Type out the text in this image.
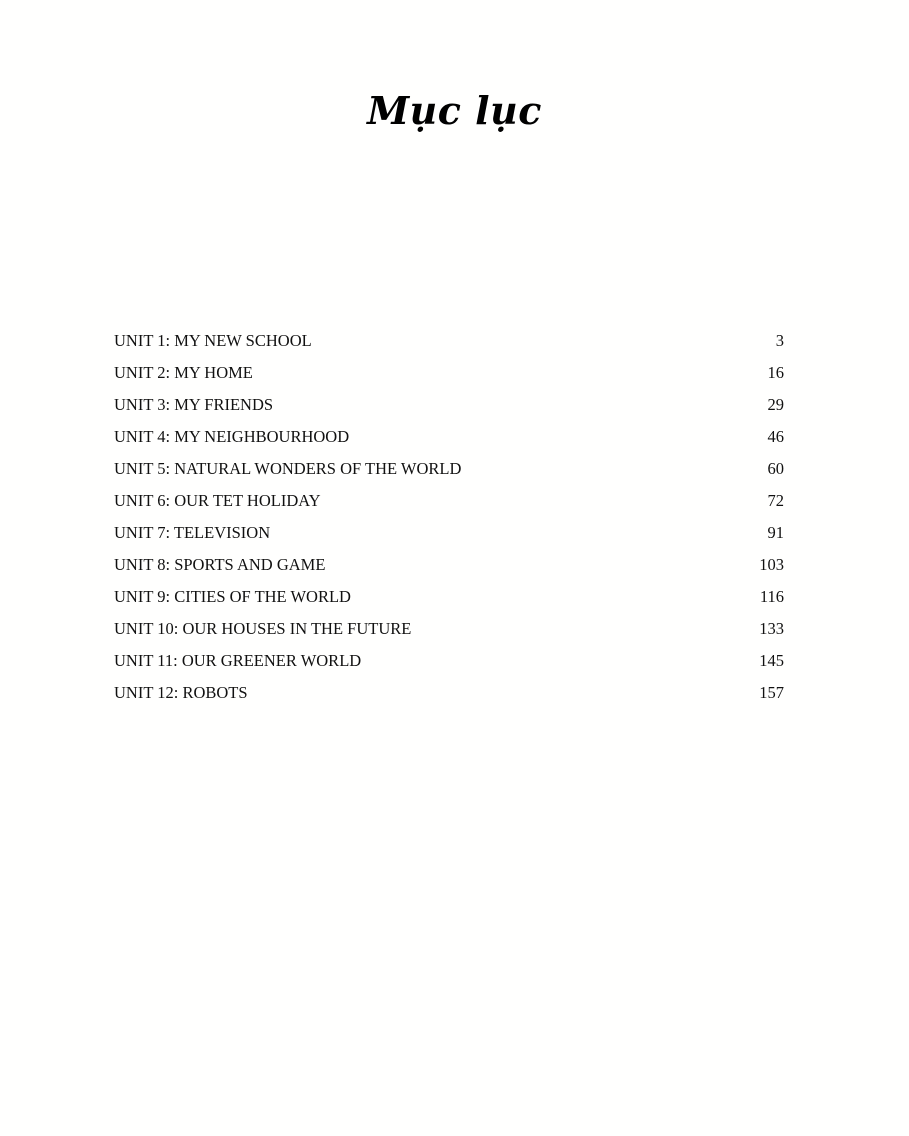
Mục lục
UNIT 1: MY NEW SCHOOL .....	3
UNIT 2: MY HOME .....	16
UNIT 3: MY FRIENDS .....	29
UNIT 4: MY NEIGHBOURHOOD .....	46
UNIT 5: NATURAL WONDERS OF THE WORLD .....	60
UNIT 6: OUR TET HOLIDAY .....	72
UNIT 7: TELEVISION .....	91
UNIT 8: SPORTS AND GAME .....	103
UNIT 9: CITIES OF THE WORLD .....	116
UNIT 10: OUR HOUSES IN THE FUTURE .....	133
UNIT 11: OUR GREENER WORLD .....	145
UNIT 12: ROBOTS .....	157
